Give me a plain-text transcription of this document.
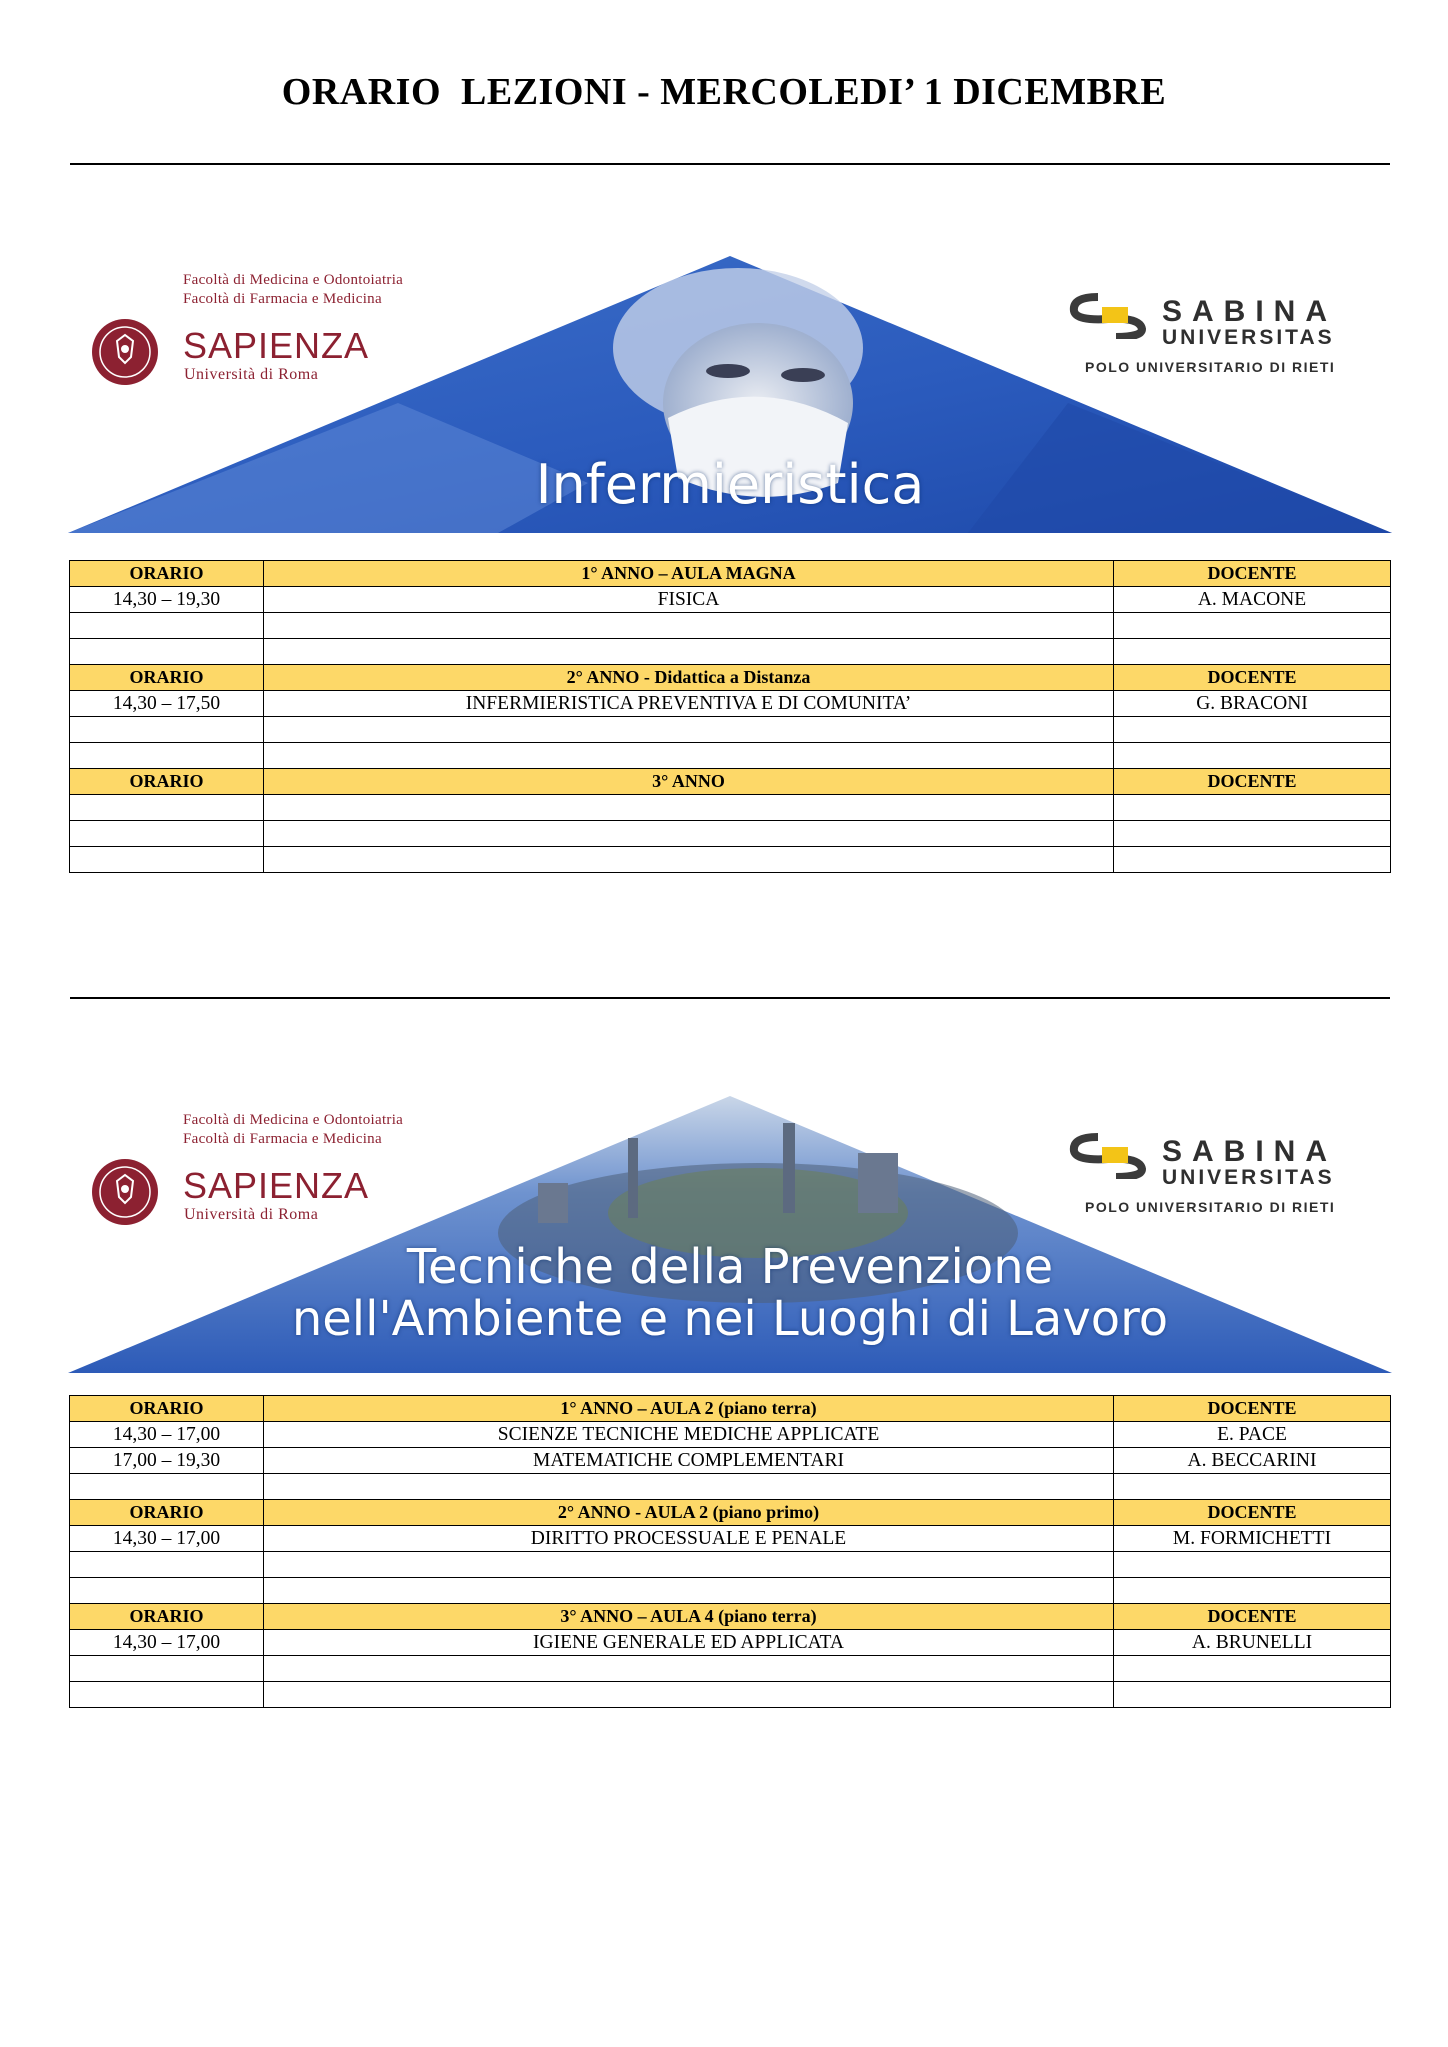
ORARIO  LEZIONI - MERCOLEDI’ 1 DICEMBRE
Facoltà di Medicina e Odontoiatria
Facoltà di Farmacia e Medicina
SAPIENZA
Università di Roma
SABINA
UNIVERSITAS
POLO UNIVERSITARIO DI RIETI
Infermieristica
ORARIO	1° ANNO – AULA MAGNA	DOCENTE
14,30 – 19,30	FISICA	A. MACONE

ORARIO	2° ANNO - Didattica a Distanza	DOCENTE
14,30 – 17,50	INFERMIERISTICA PREVENTIVA E DI COMUNITA’	G. BRACONI

ORARIO	3° ANNO	DOCENTE

Facoltà di Medicina e Odontoiatria
Facoltà di Farmacia e Medicina
SAPIENZA
Università di Roma
SABINA
UNIVERSITAS
POLO UNIVERSITARIO DI RIETI
Tecniche della Prevenzione
nell'Ambiente e nei Luoghi di Lavoro
ORARIO	1° ANNO – AULA 2 (piano terra)	DOCENTE
14,30 – 17,00	SCIENZE TECNICHE MEDICHE APPLICATE	E. PACE
17,00 – 19,30	MATEMATICHE COMPLEMENTARI	A. BECCARINI

ORARIO	2° ANNO - AULA 2 (piano primo)	DOCENTE
14,30 – 17,00	DIRITTO PROCESSUALE E PENALE	M. FORMICHETTI

ORARIO	3° ANNO – AULA 4 (piano terra)	DOCENTE
14,30 – 17,00	IGIENE GENERALE ED APPLICATA	A. BRUNELLI
